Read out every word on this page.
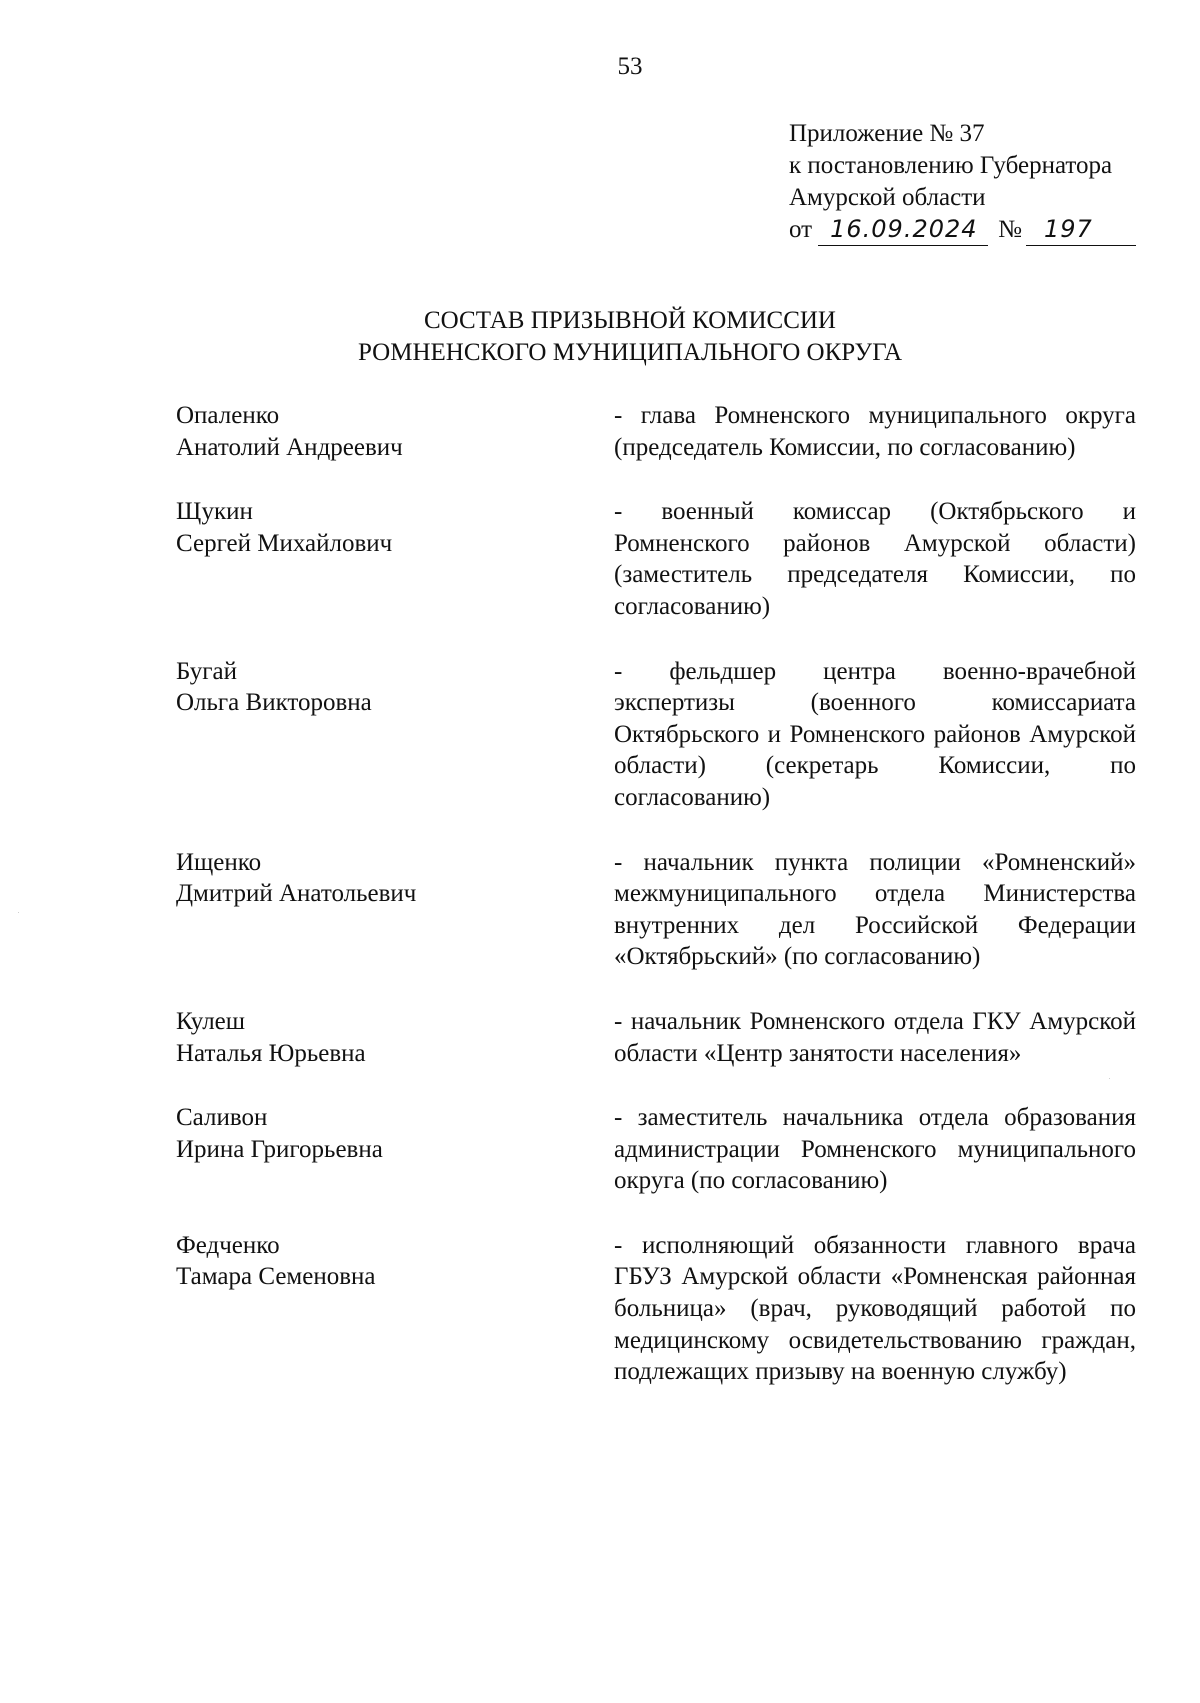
53
Приложение № 37
к постановлению Губернатора
Амурской области
от 16.09.2024 № 197
СОСТАВ ПРИЗЫВНОЙ КОМИССИИ
РОМНЕНСКОГО МУНИЦИПАЛЬНОГО ОКРУГА
Опаленко
Анатолий Андреевич
- глава Ромненского муниципального округа (председатель Комиссии, по согласованию)
Щукин
Сергей Михайлович
- военный комиссар (Октябрьского и Ромненского районов Амурской области) (заместитель председателя Комиссии, по согласованию)
Бугай
Ольга Викторовна
- фельдшер центра военно-врачебной экспертизы (военного комиссариата Октябрьского и Ромненского районов Амурской области) (секретарь Комиссии, по согласованию)
Ищенко
Дмитрий Анатольевич
- начальник пункта полиции «Ромненский» межмуниципального отдела Министерства внутренних дел Российской Федерации «Октябрьский» (по согласованию)
Кулеш
Наталья Юрьевна
- начальник Ромненского отдела ГКУ Амурской области «Центр занятости населения»
Саливон
Ирина Григорьевна
- заместитель начальника отдела образования администрации Ромненского муниципального округа (по согласованию)
Федченко
Тамара Семеновна
- исполняющий обязанности главного врача ГБУЗ Амурской области «Ромненская районная больница» (врач, руководящий работой по медицинскому освидетельствованию граждан, подлежащих призыву на военную службу)
